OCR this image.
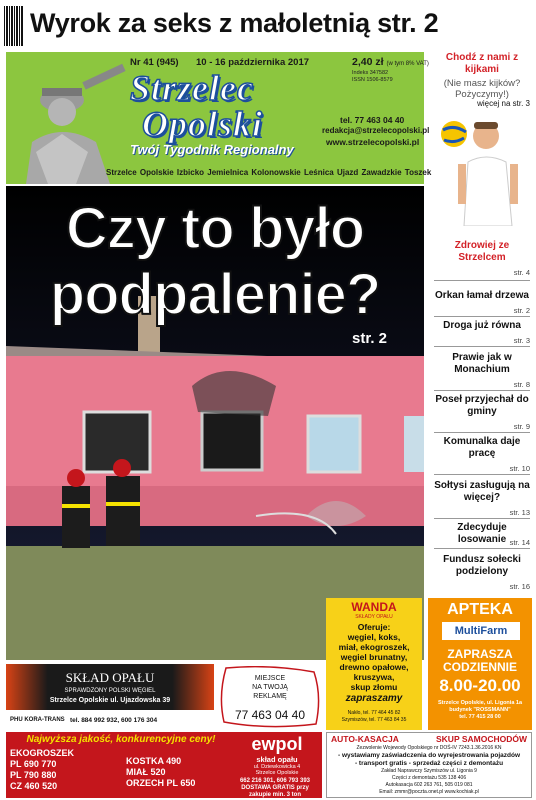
Wyrok za seks z małoletnią str. 2
Nr 41 (945) 10 - 16 października 2017	2,40 zł (w tym 8% VAT)
Indeks 347582
ISSN 1506-8579
Strzelec
Opolski
Twój Tygodnik Regionalny
tel. 77 463 04 40
redakcja@strzelecopolski.pl
www.strzelecopolski.pl
Strzelce Opolskie Izbicko Jemielnica Kolonowskie Leśnica Ujazd Zawadzkie Toszek
Chodź z nami z kijkami
(Nie masz kijków? Pożyczymy!)
więcej na str. 3
Zdrowiej ze Strzelcem
str. 4
Orkan łamał drzewa
str. 2
Droga już równa
str. 3
Prawie jak w Monachium
str. 8
Poseł przyjechał do gminy
str. 9
Komunalka daje pracę
str. 10
Sołtysi zasługują na więcej?
str. 13
Zdecyduje losowanie str. 14
Fundusz sołecki podzielony
str. 16
Czy to było
podpalenie?
str. 2
WANDA
SKŁADY OPAŁU
Oferuje:
węgiel, koks,
miał, ekogroszek,
węgiel brunatny,
drewno opałowe,
kruszywa,
skup złomu
zapraszamy
Nakło, tel. 77 464 45 82
Szymiszów, tel. 77 463 84 35
APTEKA
MultiFarm
ZAPRASZA
CODZIENNIE
8.00-20.00
Strzelce Opolskie, ul. Ligonia 1a
budynek "ROSSMANN"
tel. 77 415 28 00
SKŁAD OPAŁU
SPRAWDZONY POLSKI WĘGIEL
Strzelce Opolskie ul. Ujazdowska 39
PHU KORA-TRANS tel. 884 992 932, 600 176 304
MIEJSCE
NA TWOJĄ
REKLAMĘ
77 463 04 40
Najwyższa jakość, konkurencyjne ceny!
EKOGROSZEK
PL 690 770
PL 790 880
CZ 460 520
KOSTKA 490
MIAŁ 520
ORZECH PL 650
ewpol
skład opału
ul. Dziewkowicka 4
Strzelce Opolskie
662 216 301, 606 793 393
DOSTAWA GRATIS przy
zakupie min. 3 ton
AUTO-KASACJA	SKUP SAMOCHODÓW
Zezwolenie Wojewody Opolskiego nr DOŚ-IV 7243.1.36.2016 KN
- wystawiamy zaświadczenia do wyrejestrowania pojazdów
- transport gratis - sprzedaż części z demontażu
Zakład Naprawczy Szymiszów ul. Ligonia 9
Części z demontażu 535 138 406
Autokasacja 602 263 761, 505 019 081
Email: zmmr@poczta.onet.pl www.kochiak.pl
